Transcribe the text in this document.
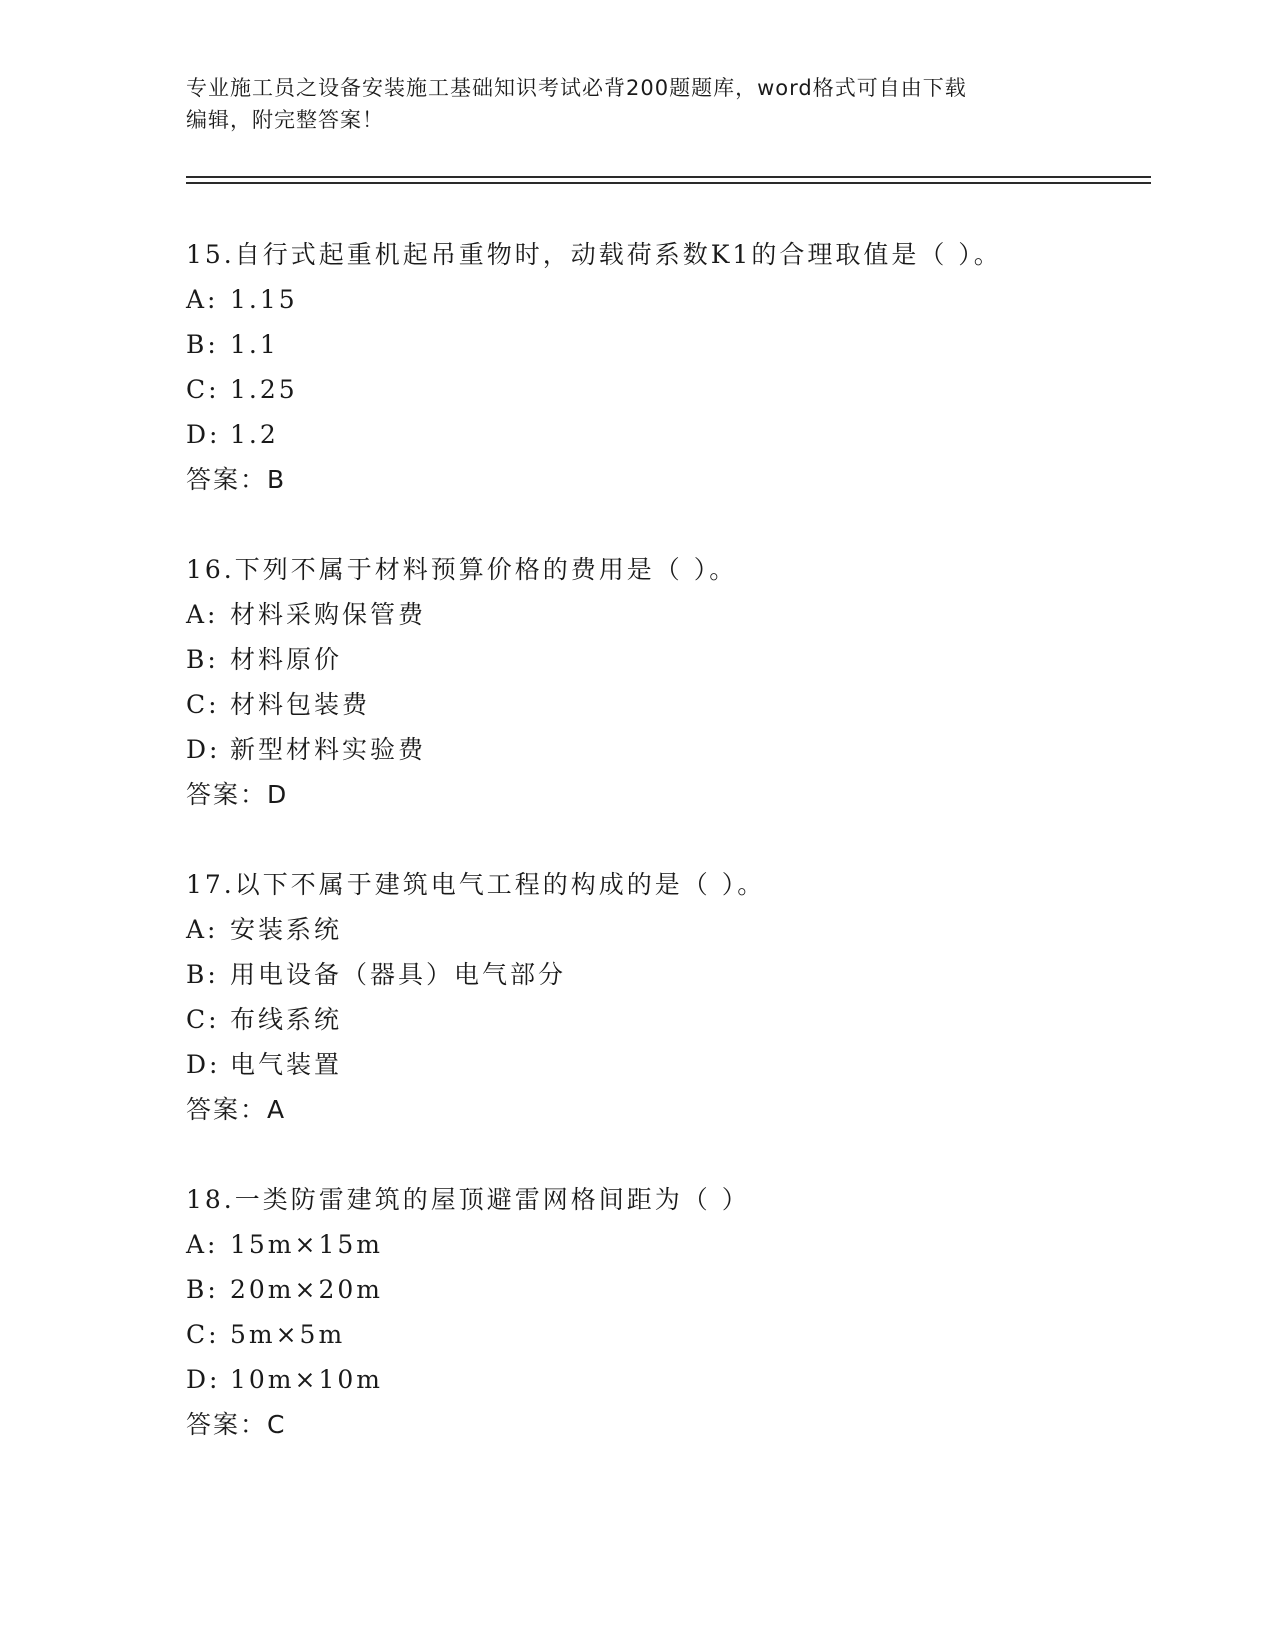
专业施工员之设备安装施工基础知识考试必背200题题库，word格式可自由下载
编辑，附完整答案！
15.自行式起重机起吊重物时，动载荷系数K1的合理取值是（ ）。
A: 1.15
B: 1.1
C: 1.25
D: 1.2
答案：B
16.下列不属于材料预算价格的费用是（ ）。
A: 材料采购保管费
B: 材料原价
C: 材料包装费
D: 新型材料实验费
答案：D
17.以下不属于建筑电气工程的构成的是（ ）。
A: 安装系统
B: 用电设备（器具）电气部分
C: 布线系统
D: 电气装置
答案：A
18.一类防雷建筑的屋顶避雷网格间距为（ ）
A: 15m×15m
B: 20m×20m
C: 5m×5m
D: 10m×10m
答案：C
